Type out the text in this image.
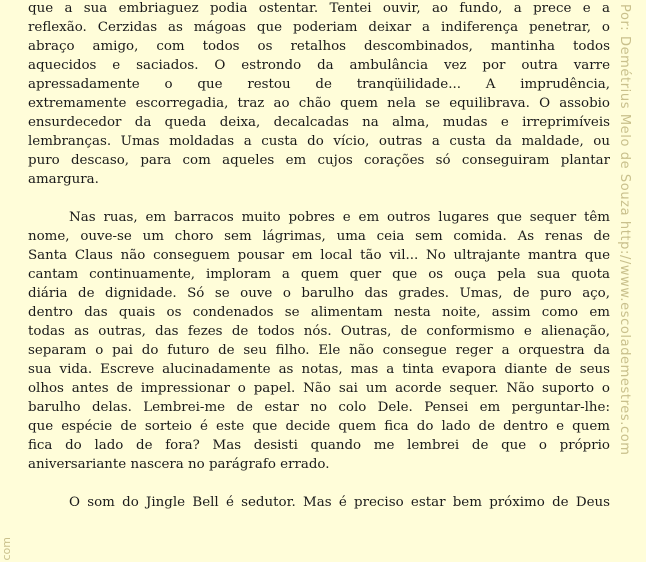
que a sua embriaguez podia ostentar. Tentei ouvir, ao fundo, a prece e a
reflexão. Cerzidas as mágoas que poderiam deixar a indiferença penetrar, o
abraço amigo, com todos os retalhos descombinados, mantinha todos
aquecidos e saciados. O estrondo da ambulância vez por outra varre
apressadamente o que restou de tranqüilidade... A imprudência,
extremamente escorregadia, traz ao chão quem nela se equilibrava. O assobio
ensurdecedor da queda deixa, decalcadas na alma, mudas e irreprimíveis
lembranças. Umas moldadas a custa do vício, outras a custa da maldade, ou
puro descaso, para com aqueles em cujos corações só conseguiram plantar
amargura.
Nas ruas, em barracos muito pobres e em outros lugares que sequer têm
nome, ouve-se um choro sem lágrimas, uma ceia sem comida. As renas de
Santa Claus não conseguem pousar em local tão vil... No ultrajante mantra que
cantam continuamente, imploram a quem quer que os ouça pela sua quota
diária de dignidade. Só se ouve o barulho das grades. Umas, de puro aço,
dentro das quais os condenados se alimentam nesta noite, assim como em
todas as outras, das fezes de todos nós. Outras, de conformismo e alienação,
separam o pai do futuro de seu filho. Ele não consegue reger a orquestra da
sua vida. Escreve alucinadamente as notas, mas a tinta evapora diante de seus
olhos antes de impressionar o papel. Não sai um acorde sequer. Não suporto o
barulho delas. Lembrei-me de estar no colo Dele. Pensei em perguntar-lhe:
que espécie de sorteio é este que decide quem fica do lado de dentro e quem
fica do lado de fora? Mas desisti quando me lembrei de que o próprio
aniversariante nascera no parágrafo errado.
O som do Jingle Bell é sedutor. Mas é preciso estar bem próximo de Deus
Por: Demétrius Melo de Souza http://www.escolademestres.com
com
